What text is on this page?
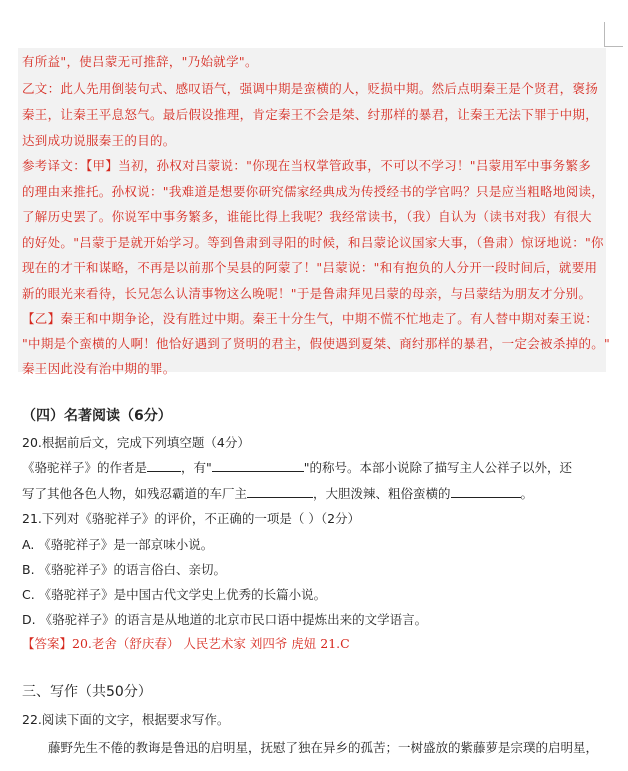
有所益"，使吕蒙无可推辞，"乃始就学"。
乙文：此人先用倒装句式、感叹语气，强调中期是蛮横的人，贬损中期。然后点明秦王是个贤君，褒扬
秦王，让秦王平息怒气。最后假设推理，肯定秦王不会是桀、纣那样的暴君，让秦王无法下罪于中期，
达到成功说服秦王的目的。
参考译文：【甲】当初，孙权对吕蒙说："你现在当权掌管政事，不可以不学习！"吕蒙用军中事务繁多
的理由来推托。孙权说："我难道是想要你研究儒家经典成为传授经书的学官吗？只是应当粗略地阅读，
了解历史罢了。你说军中事务繁多，谁能比得上我呢？我经常读书，（我）自认为（读书对我）有很大
的好处。"吕蒙于是就开始学习。等到鲁肃到寻阳的时候，和吕蒙论议国家大事，（鲁肃）惊讶地说："你
现在的才干和谋略，不再是以前那个吴县的阿蒙了！"吕蒙说："和有抱负的人分开一段时间后，就要用
新的眼光来看待，长兄怎么认清事物这么晚呢！"于是鲁肃拜见吕蒙的母亲，与吕蒙结为朋友才分别。
【乙】秦王和中期争论，没有胜过中期。秦王十分生气，中期不慌不忙地走了。有人替中期对秦王说：
"中期是个蛮横的人啊！他恰好遇到了贤明的君主，假使遇到夏桀、商纣那样的暴君，一定会被杀掉的。"
秦王因此没有治中期的罪。
（四）名著阅读（6分）
20.根据前后文，完成下列填空题（4分）
《骆驼祥子》的作者是	，有"	"的称号。本部小说除了描写主人公祥子以外，还
写了其他各色人物，如残忍霸道的车厂主	，大胆泼辣、粗俗蛮横的	。
21.下列对《骆驼祥子》的评价，不正确的一项是（ ）（2分）
A. 《骆驼祥子》是一部京味小说。
B. 《骆驼祥子》的语言俗白、亲切。
C. 《骆驼祥子》是中国古代文学史上优秀的长篇小说。
D. 《骆驼祥子》的语言是从地道的北京市民口语中提炼出来的文学语言。
【答案】20.老舍（舒庆春） 人民艺术家 刘四爷 虎妞 21.C
三、写作（共50分）
22.阅读下面的文字，根据要求写作。
藤野先生不倦的教诲是鲁迅的启明星，抚慰了独在异乡的孤苦；一树盛放的紫藤萝是宗璞的启明星，
